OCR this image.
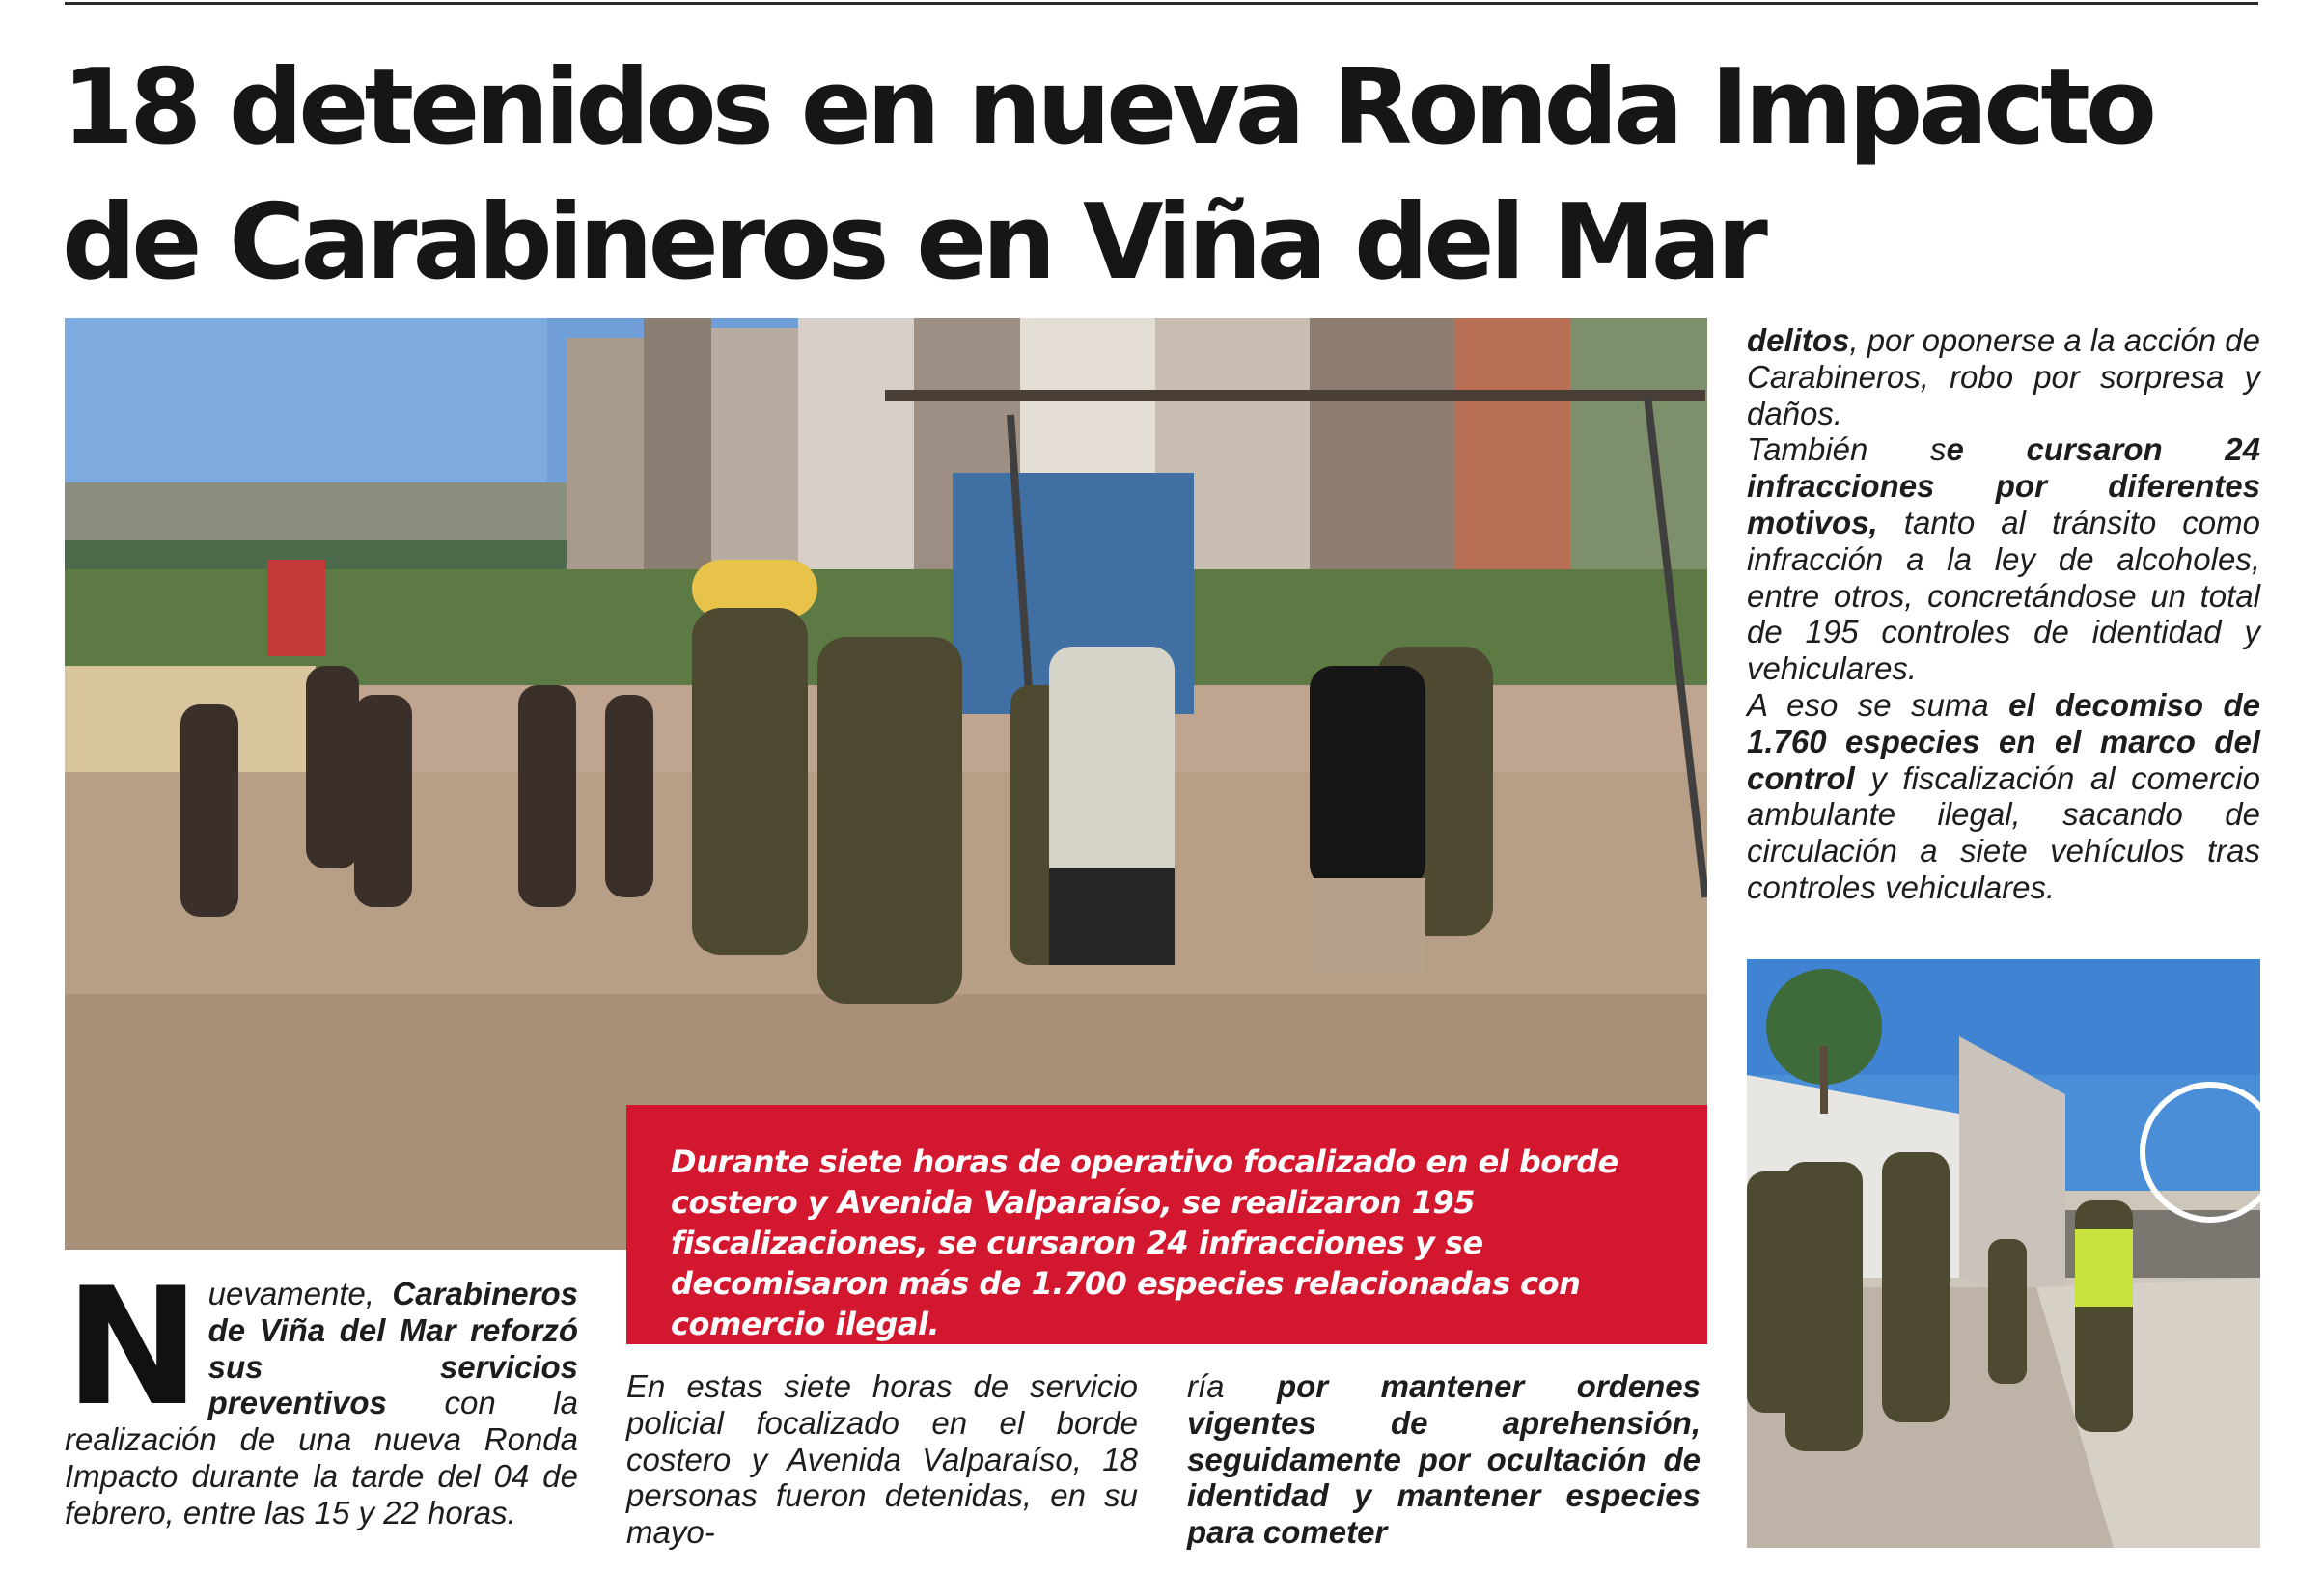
18 detenidos en nueva Ronda Impacto
de Carabineros en Viña del Mar
Durante siete horas de operativo focalizado en el borde costero y Avenida Valparaíso, se realizaron 195 fiscalizaciones, se cursaron 24 infracciones y se decomisaron más de 1.700 especies relacionadas con comercio ilegal.

Nuevamente, Carabineros de Viña del Mar reforzó sus servicios preventivos con la realización de una nueva Ronda Impacto durante la tarde del 04 de febrero, entre las 15 y 22 horas.

En estas siete horas de servicio policial focalizado en el borde costero y Avenida Valparaíso, 18 personas fueron detenidas, en su mayo-

ría por mantener ordenes vigentes de aprehensión, seguidamente por ocultación de identidad y mantener especies para cometer

delitos, por oponerse a la acción de Carabineros, robo por sorpresa y daños.

También se cursaron 24 infracciones por diferentes motivos, tanto al tránsito como infracción a la ley de alcoholes, entre otros, concretándose un total de 195 controles de identidad y vehiculares.

A eso se suma el decomiso de 1.760 especies en el marco del control y fiscalización al comercio ambulante ilegal, sacando de circulación a siete vehículos tras controles vehiculares.
